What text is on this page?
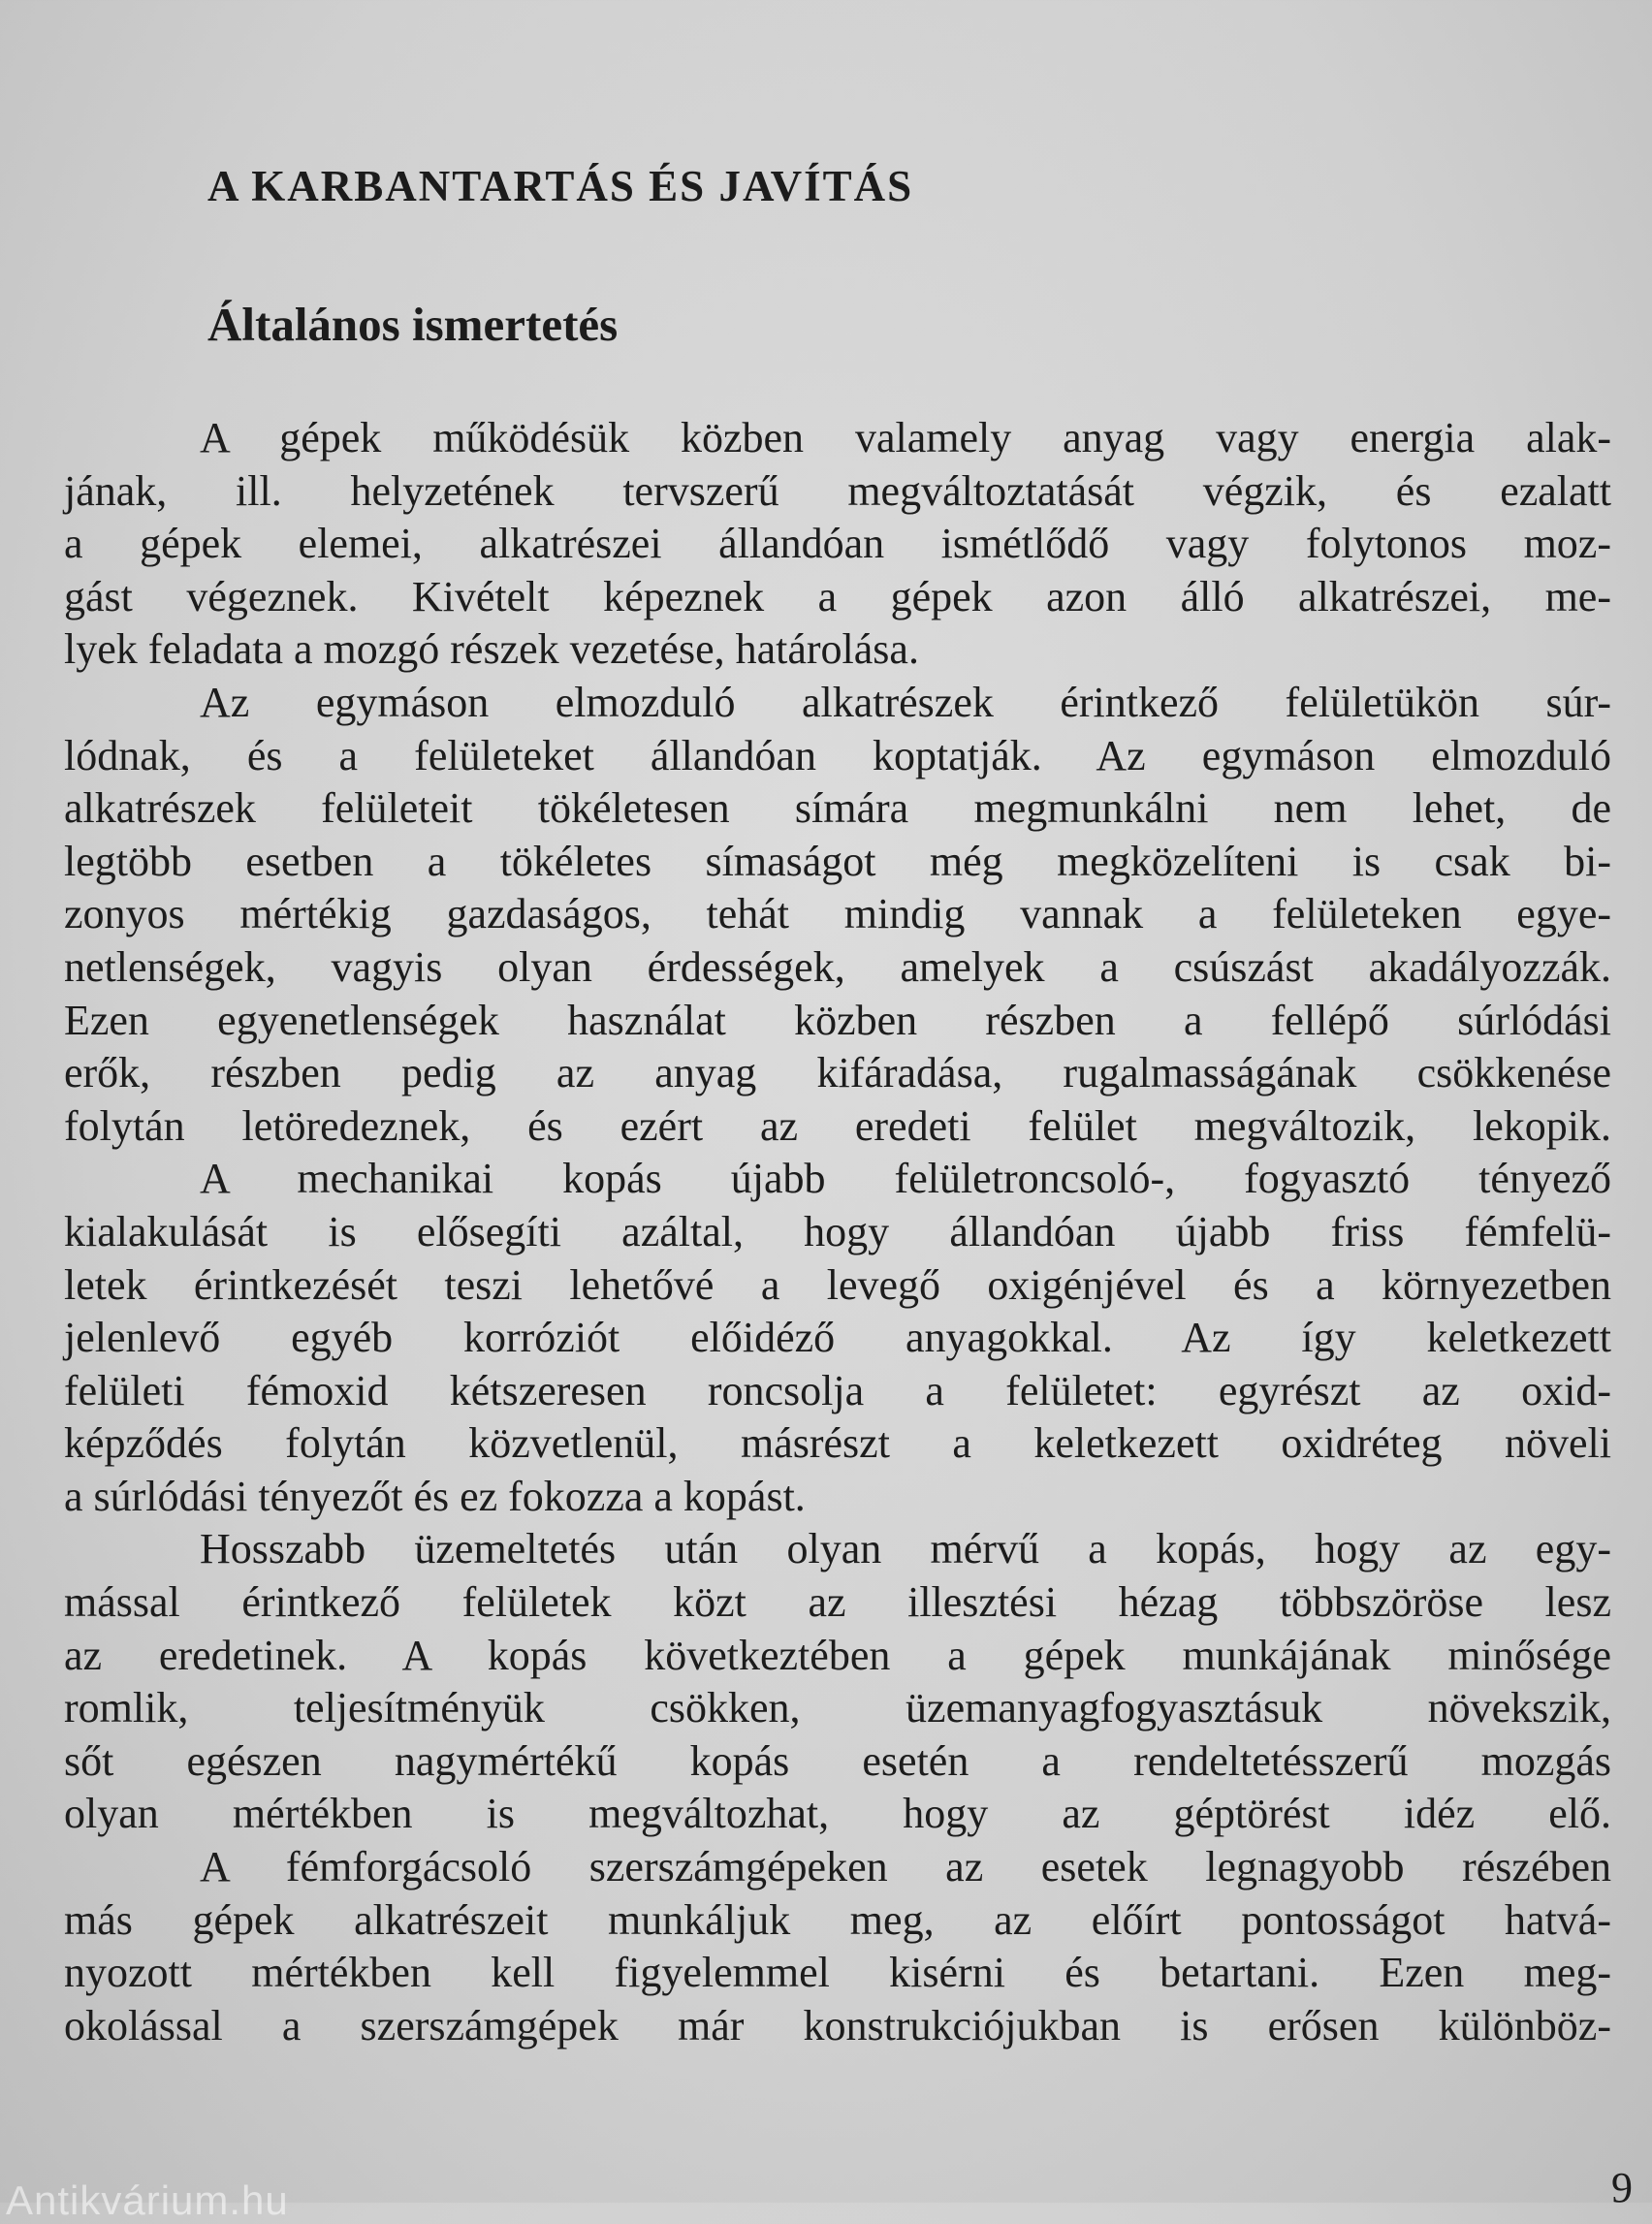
A KARBANTARTÁS ÉS JAVÍTÁS
Általános ismertetés
A gépek működésük közben valamely anyag vagy energia alak-
jának, ill. helyzetének tervszerű megváltoztatását végzik, és ezalatt
a gépek elemei, alkatrészei állandóan ismétlődő vagy folytonos moz-
gást végeznek. Kivételt képeznek a gépek azon álló alkatrészei, me-
lyek feladata a mozgó részek vezetése, határolása.
Az egymáson elmozduló alkatrészek érintkező felületükön súr-
lódnak, és a felületeket állandóan koptatják. Az egymáson elmozduló
alkatrészek felületeit tökéletesen símára megmunkálni nem lehet, de
legtöbb esetben a tökéletes símaságot még megközelíteni is csak bi-
zonyos mértékig gazdaságos, tehát mindig vannak a felületeken egye-
netlenségek, vagyis olyan érdességek, amelyek a csúszást akadályozzák.
Ezen egyenetlenségek használat közben részben a fellépő súrlódási
erők, részben pedig az anyag kifáradása, rugalmasságának csökkenése
folytán letöredeznek, és ezért az eredeti felület megváltozik, lekopik.
A mechanikai kopás újabb felületroncsoló-, fogyasztó tényező
kialakulását is elősegíti azáltal, hogy állandóan újabb friss fémfelü-
letek érintkezését teszi lehetővé a levegő oxigénjével és a környezetben
jelenlevő egyéb korróziót előidéző anyagokkal. Az így keletkezett
felületi fémoxid kétszeresen roncsolja a felületet: egyrészt az oxid-
képződés folytán közvetlenül, másrészt a keletkezett oxidréteg növeli
a súrlódási tényezőt és ez fokozza a kopást.
Hosszabb üzemeltetés után olyan mérvű a kopás, hogy az egy-
mással érintkező felületek közt az illesztési hézag többszöröse lesz
az eredetinek. A kopás következtében a gépek munkájának minősége
romlik, teljesítményük csökken, üzemanyagfogyasztásuk növekszik,
sőt egészen nagymértékű kopás esetén a rendeltetésszerű mozgás
olyan mértékben is megváltozhat, hogy az géptörést idéz elő.
A fémforgácsoló szerszámgépeken az esetek legnagyobb részében
más gépek alkatrészeit munkáljuk meg, az előírt pontosságot hatvá-
nyozott mértékben kell figyelemmel kisérni és betartani. Ezen meg-
okolással a szerszámgépek már konstrukciójukban is erősen különböz-
Antikvárium.hu	9
